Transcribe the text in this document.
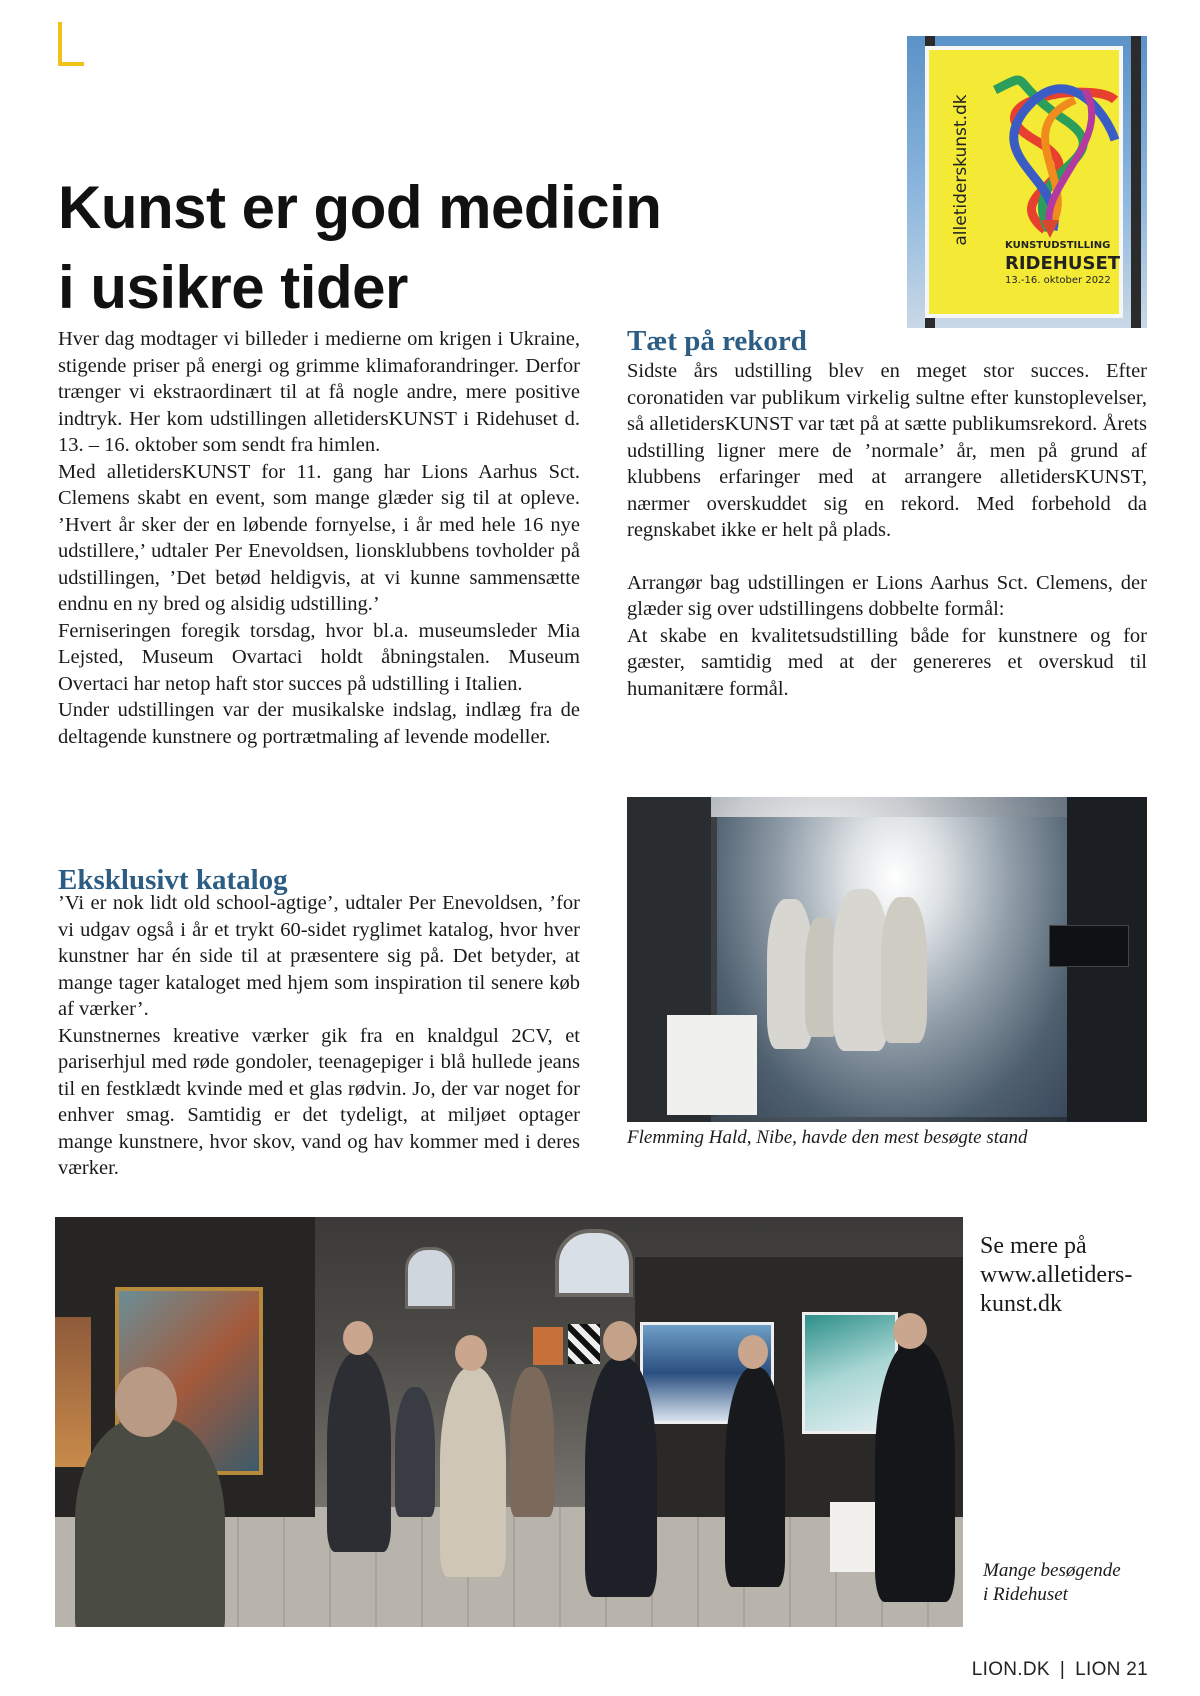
Kunst er god medicin
i usikre tider
alletiderskunst.dk	KUNSTUDSTILLING
RIDEHUSET
13.-16. oktober 2022

Hver dag modtager vi billeder i medierne om krigen i Ukraine, stigende priser på energi og grimme klimaforandringer. Derfor trænger vi ekstraordinært til at få nogle andre, mere positive indtryk. Her kom udstillingen alletidersKUNST i Ridehuset d. 13. – 16. oktober som sendt fra himlen.

Med alletidersKUNST for 11. gang har Lions Aarhus Sct. Clemens skabt en event, som mange glæder sig til at opleve. ’Hvert år sker der en løbende fornyelse, i år med hele 16 nye udstillere,’ udtaler Per Enevoldsen, lionsklubbens tovholder på udstillingen, ’Det betød heldigvis, at vi kunne sammensætte endnu en ny bred og alsidig udstilling.’

Ferniseringen foregik torsdag, hvor bl.a. museumsleder Mia Lejsted, Museum Ovartaci holdt åbningstalen. Museum Overtaci har netop haft stor succes på udstilling i Italien.

Under udstillingen var der musikalske indslag, indlæg fra de deltagende kunstnere og portrætmaling af levende modeller.

Tæt på rekord

Sidste års udstilling blev en meget stor succes. Efter coronatiden var publikum virkelig sultne efter kunstoplevelser, så alletidersKUNST var tæt på at sætte publikumsrekord. Årets udstilling ligner mere de ’normale’ år, men på grund af klubbens erfaringer med at arrangere alletidersKUNST, nærmer overskuddet sig en rekord. Med forbehold da regnskabet ikke er helt på plads.

Arrangør bag udstillingen er Lions Aarhus Sct. Clemens, der glæder sig over udstillingens dobbelte formål:

At skabe en kvalitetsudstilling både for kunstnere og for gæster, samtidig med at der genereres et overskud til humanitære formål.

Eksklusivt katalog

’Vi er nok lidt old school-agtige’, udtaler Per Enevoldsen, ’for vi udgav også i år et trykt 60-sidet ryglimet katalog, hvor hver kunstner har én side til at præsentere sig på. Det betyder, at mange tager kataloget med hjem som inspiration til senere køb af værker’.

Kunstnernes kreative værker gik fra en knaldgul 2CV, et pariserhjul med røde gondoler, teenagepiger i blå hullede jeans til en festklædt kvinde med et glas rødvin. Jo, der var noget for enhver smag. Samtidig er det tydeligt, at miljøet optager mange kunstnere, hvor skov, vand og hav kommer med i deres værker.

Flemming Hald, Nibe, havde den mest besøgte stand

Se mere på
www.alletiders-
kunst.dk

Mange besøgende
i Ridehuset

LION.DK | LION 21
